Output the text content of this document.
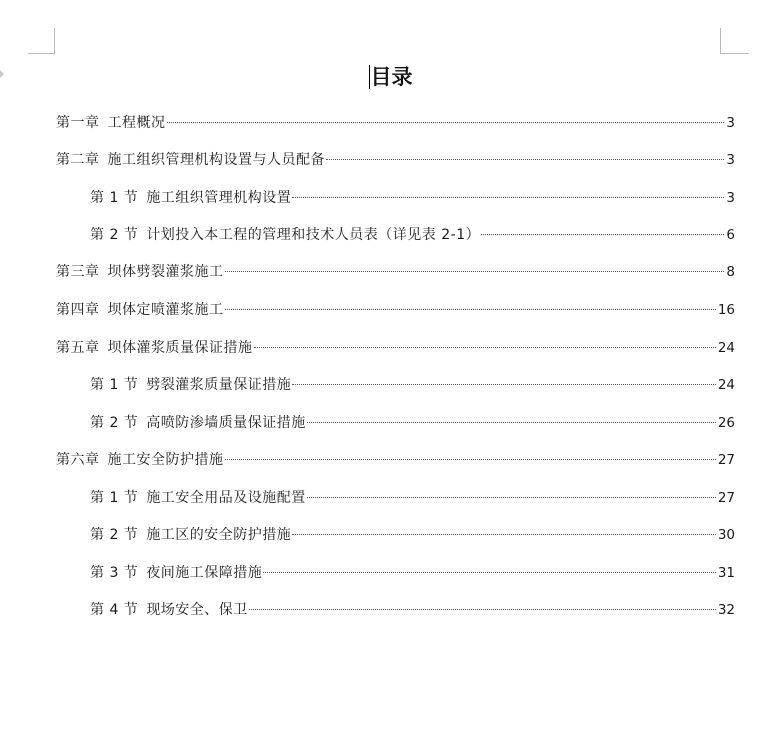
目录
第一章 工程概况	3
第二章 施工组织管理机构设置与人员配备	3
第 1 节 施工组织管理机构设置	3
第 2 节 计划投入本工程的管理和技术人员表（详见表 2-1）	6
第三章 坝体劈裂灌浆施工	8
第四章 坝体定喷灌浆施工	16
第五章 坝体灌浆质量保证措施	24
第 1 节 劈裂灌浆质量保证措施	24
第 2 节 高喷防渗墙质量保证措施	26
第六章 施工安全防护措施	27
第 1 节 施工安全用品及设施配置	27
第 2 节 施工区的安全防护措施	30
第 3 节 夜间施工保障措施	31
第 4 节 现场安全、保卫	32
